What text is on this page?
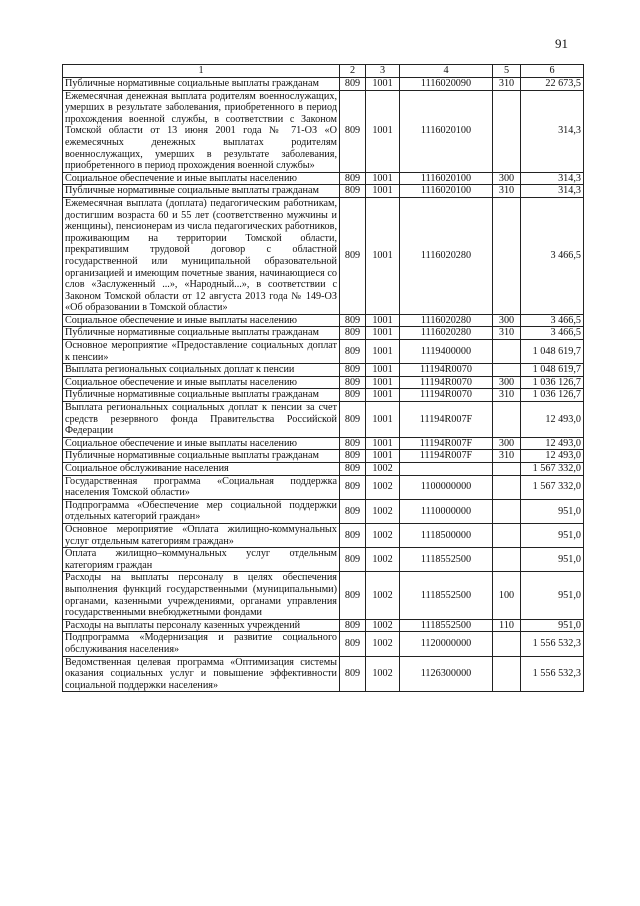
91
1	2	3	4	5	6
Публичные нормативные социальные выплаты гражданам	809	1001	1116020090	310	22 673,5
Ежемесячная денежная выплата родителям военнослужащих, умерших в результате заболевания, приобретенного в период прохождения военной службы, в соответствии с Законом Томской области от 13 июня 2001 года № 71-ОЗ «О ежемесячных денежных выплатах родителям военнослужащих, умерших в результате заболевания, приобретенного в период прохождения военной службы»	809	1001	1116020100		314,3
Социальное обеспечение и иные выплаты населению	809	1001	1116020100	300	314,3
Публичные нормативные социальные выплаты гражданам	809	1001	1116020100	310	314,3
Ежемесячная выплата (доплата) педагогическим работникам, достигшим возраста 60 и 55 лет (соответственно мужчины и женщины), пенсионерам из числа педагогических работников, проживающим на территории Томской области, прекратившим трудовой договор с областной государственной или муниципальной образовательной организацией и имеющим почетные звания, начинающиеся со слов «Заслуженный ...», «Народный...», в соответствии с Законом Томской области от 12 августа 2013 года № 149-ОЗ «Об образовании в Томской области»	809	1001	1116020280		3 466,5
Социальное обеспечение и иные выплаты населению	809	1001	1116020280	300	3 466,5
Публичные нормативные социальные выплаты гражданам	809	1001	1116020280	310	3 466,5
Основное мероприятие «Предоставление социальных доплат к пенсии»	809	1001	1119400000		1 048 619,7
Выплата региональных социальных доплат к пенсии	809	1001	11194R0070		1 048 619,7
Социальное обеспечение и иные выплаты населению	809	1001	11194R0070	300	1 036 126,7
Публичные нормативные социальные выплаты гражданам	809	1001	11194R0070	310	1 036 126,7
Выплата региональных социальных доплат к пенсии за счет средств резервного фонда Правительства Российской Федерации	809	1001	11194R007F		12 493,0
Социальное обеспечение и иные выплаты населению	809	1001	11194R007F	300	12 493,0
Публичные нормативные социальные выплаты гражданам	809	1001	11194R007F	310	12 493,0
Социальное обслуживание населения	809	1002			1 567 332,0
Государственная программа «Социальная поддержка населения Томской области»	809	1002	1100000000		1 567 332,0
Подпрограмма «Обеспечение мер социальной поддержки отдельных категорий граждан»	809	1002	1110000000		951,0
Основное мероприятие «Оплата жилищно-коммунальных услуг отдельным категориям граждан»	809	1002	1118500000		951,0
Оплата жилищно–коммунальных услуг отдельным категориям граждан	809	1002	1118552500		951,0
Расходы на выплаты персоналу в целях обеспечения выполнения функций государственными (муниципальными) органами, казенными учреждениями, органами управления государственными внебюджетными фондами	809	1002	1118552500	100	951,0
Расходы на выплаты персоналу казенных учреждений	809	1002	1118552500	110	951,0
Подпрограмма «Модернизация и развитие социального обслуживания населения»	809	1002	1120000000		1 556 532,3
Ведомственная целевая программа «Оптимизация системы оказания социальных услуг и повышение эффективности социальной поддержки населения»	809	1002	1126300000		1 556 532,3
